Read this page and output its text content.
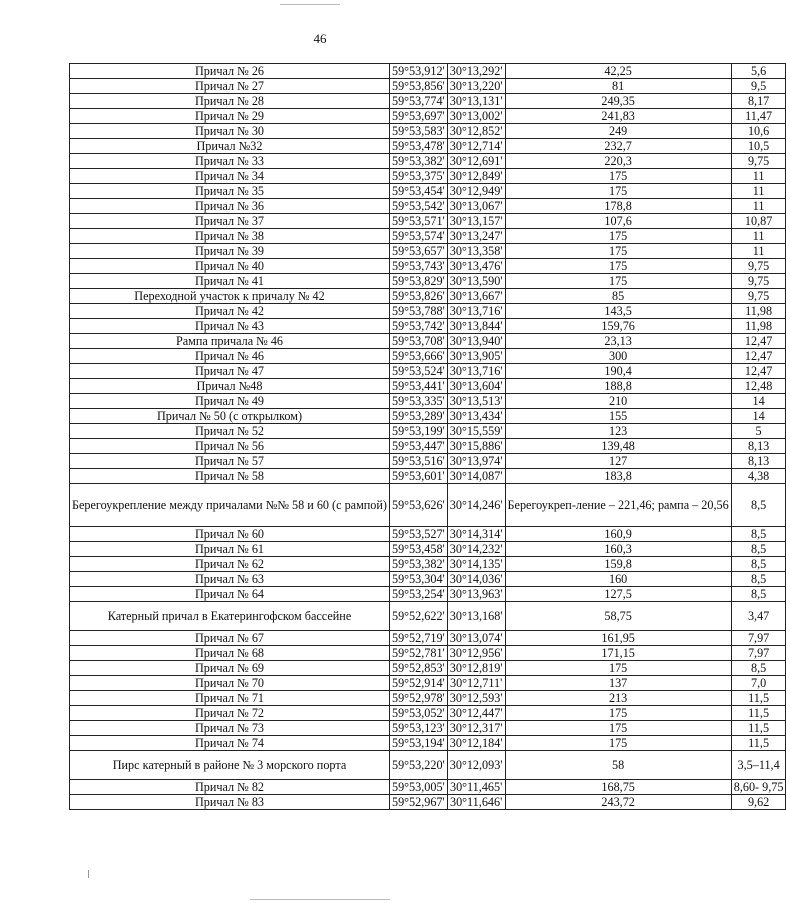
46
Причал № 26	59°53,912'	30°13,292'	42,25	5,6
Причал № 27	59°53,856'	30°13,220'	81	9,5
Причал № 28	59°53,774'	30°13,131'	249,35	8,17
Причал № 29	59°53,697'	30°13,002'	241,83	11,47
Причал № 30	59°53,583'	30°12,852'	249	10,6
Причал №32	59°53,478'	30°12,714'	232,7	10,5
Причал № 33	59°53,382'	30°12,691'	220,3	9,75
Причал № 34	59°53,375'	30°12,849'	175	11
Причал № 35	59°53,454'	30°12,949'	175	11
Причал № 36	59°53,542'	30°13,067'	178,8	11
Причал № 37	59°53,571'	30°13,157'	107,6	10,87
Причал № 38	59°53,574'	30°13,247'	175	11
Причал № 39	59°53,657'	30°13,358'	175	11
Причал № 40	59°53,743'	30°13,476'	175	9,75
Причал № 41	59°53,829'	30°13,590'	175	9,75
Переходной участок к причалу № 42	59°53,826'	30°13,667'	85	9,75
Причал № 42	59°53,788'	30°13,716'	143,5	11,98
Причал № 43	59°53,742'	30°13,844'	159,76	11,98
Рампа причала № 46	59°53,708'	30°13,940'	23,13	12,47
Причал № 46	59°53,666'	30°13,905'	300	12,47
Причал № 47	59°53,524'	30°13,716'	190,4	12,47
Причал №48	59°53,441'	30°13,604'	188,8	12,48
Причал № 49	59°53,335'	30°13,513'	210	14
Причал № 50 (с открылком)	59°53,289'	30°13,434'	155	14
Причал № 52	59°53,199'	30°15,559'	123	5
Причал № 56	59°53,447'	30°15,886'	139,48	8,13
Причал № 57	59°53,516'	30°13,974'	127	8,13
Причал № 58	59°53,601'	30°14,087'	183,8	4,38
Берегоукрепление между причалами №№ 58 и 60 (с рампой)	59°53,626'	30°14,246'	Берегоукреп-ление – 221,46; рампа – 20,56	8,5
Причал № 60	59°53,527'	30°14,314'	160,9	8,5
Причал № 61	59°53,458'	30°14,232'	160,3	8,5
Причал № 62	59°53,382'	30°14,135'	159,8	8,5
Причал № 63	59°53,304'	30°14,036'	160	8,5
Причал № 64	59°53,254'	30°13,963'	127,5	8,5
Катерный причал в Екатерингофском бассейне	59°52,622'	30°13,168'	58,75	3,47
Причал № 67	59°52,719'	30°13,074'	161,95	7,97
Причал № 68	59°52,781'	30°12,956'	171,15	7,97
Причал № 69	59°52,853'	30°12,819'	175	8,5
Причал № 70	59°52,914'	30°12,711'	137	7,0
Причал № 71	59°52,978'	30°12,593'	213	11,5
Причал № 72	59°53,052'	30°12,447'	175	11,5
Причал № 73	59°53,123'	30°12,317'	175	11,5
Причал № 74	59°53,194'	30°12,184'	175	11,5
Пирс катерный в районе № 3 морского порта	59°53,220'	30°12,093'	58	3,5–11,4
Причал № 82	59°53,005'	30°11,465'	168,75	8,60- 9,75
Причал № 83	59°52,967'	30°11,646'	243,72	9,62
